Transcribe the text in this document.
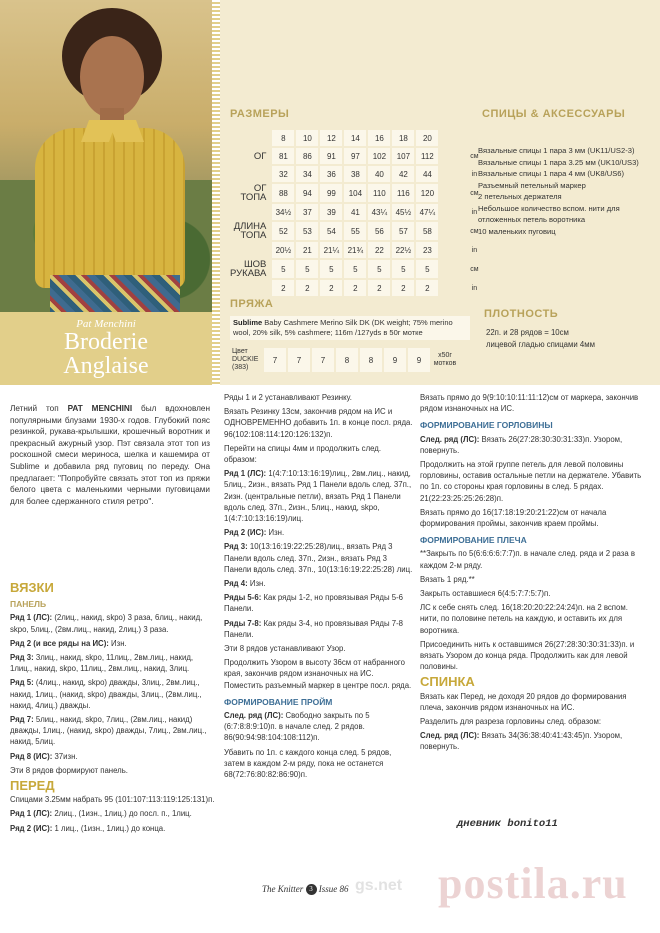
Pat Menchini
Broderie
Anglaise
РАЗМЕРЫ
	8	10	12	14	16	18	20		
ОГ	81	86	91	97	102	107	112		см
	32	34	36	38	40	42	44		in
ОГ ТОПА	88	94	99	104	110	116	120		см
	34½	37	39	41	43¼	45½	47¼		in
ДЛИНА ТОПА	52	53	54	55	56	57	58		см
	20½	21	21¼	21¾	22	22½	23		in
ШОВ РУКАВА	5	5	5	5	5	5	5		см
	2	2	2	2	2	2	2		in
СПИЦЫ & АКСЕССУАРЫ
Вязальные спицы 1 пара 3 мм (UK11/US2-3)
Вязальные спицы 1 пара 3.25 мм (UK10/US3)
Вязальные спицы 1 пара 4 мм (UK8/US6)
Разъемный петельный маркер
2 петельных держателя
Небольшое количество вспом. нити для
отложенных петель воротника
10 маленьких пуговиц
ПРЯЖА
Sublime Baby Cashmere Merino Silk DK (DK weight; 75% merino wool, 20% silk, 5% cashmere; 116m /127yds в 50г мотке
Цвет DUCKIE (383)	7	7	7	8	8	9	9	x50г мотков
ПЛОТНОСТЬ
22п. и 28 рядов = 10см
лицевой гладью спицами 4мм
Летний топ PAT MENCHINI был вдохновлен популярными блузами 1930-х годов. Глубокий пояс резинкой, рукава-крылышки, крошечный воротник и прекрасный ажурный узор. Пэт связала этот топ из роскошной смеси мериноса, шелка и кашемира от Sublime и добавила ряд пуговиц по переду. Она предлагает: "Попробуйте связать этот топ из пряжи белого цвета с маленькими черными пуговицами для более сдержанного стиля ретро".
ВЯЗКИ
ПАНЕЛЬ

Ряд 1 (ЛС): (2лиц., накид, skpo) 3 раза, 6лиц., накид, skpo, 5лиц., (2вм.лиц., накид, 2лиц.) 3 раза.

Ряд 2 (и все ряды на ИС): Изн.

Ряд 3: 3лиц., накид, skpo, 11лиц., 2вм.лиц., накид, 1лиц., накид, skpo, 11лиц., 2вм.лиц., накид, 3лиц.

Ряд 5: (4лиц., накид, skpo) дважды, 3лиц., 2вм.лиц., накид, 1лиц., (накид, skpo) дважды, 3лиц., (2вм.лиц., накид, 4лиц.) дважды.

Ряд 7: 5лиц., накид, skpo, 7лиц., (2вм.лиц., накид) дважды, 1лиц., (накид, skpo) дважды, 7лиц., 2вм.лиц., накид, 5лиц.

Ряд 8 (ИС): 37изн.

Эти 8 рядов формируют панель.

ПЕРЕД

Спицами 3.25мм набрать 95 (101:107:113:119:125:131)п.

Ряд 1 (ЛС): 2лиц., (1изн., 1лиц.) до посл. п., 1лиц.

Ряд 2 (ИС): 1 лиц., (1изн., 1лиц.) до конца.

Ряды 1 и 2 устанавливают Резинку.

Вязать Резинку 13см, закончив рядом на ИС и ОДНОВРЕМЕННО добавить 1п. в конце посл. ряда. 96(102:108:114:120:126:132)п.

Перейти на спицы 4мм и продолжить след. образом:

Ряд 1 (ЛС): 1(4:7:10:13:16:19)лиц., 2вм.лиц., накид, 5лиц., 2изн., вязать Ряд 1 Панели вдоль след. 37п., 2изн. (центральные петли), вязать Ряд 1 Панели вдоль след. 37п., 2изн., 5лиц., накид, skpo, 1(4:7:10:13:16:19)лиц.

Ряд 2 (ИС): Изн.

Ряд 3: 10(13:16:19:22:25:28)лиц., вязать Ряд 3 Панели вдоль след. 37п., 2изн., вязать Ряд 3 Панели вдоль след. 37п., 10(13:16:19:22:25:28) лиц.

Ряд 4: Изн.

Ряды 5-6: Как ряды 1-2, но провязывая Ряды 5-6 Панели.

Ряды 7-8: Как ряды 3-4, но провязывая Ряды 7-8 Панели.

Эти 8 рядов устанавливают Узор.

Продолжить Узором в высоту 36см от набранного края, закончив рядом изнаночных на ИС. Поместить разъемный маркер в центре посл. ряда.

ФОРМИРОВАНИЕ ПРОЙМ

След. ряд (ЛС): Свободно закрыть по 5 (6:7:8:8:9:10)п. в начале след. 2 рядов. 86(90:94:98:104:108:112)п.

Убавить по 1п. с каждого конца след. 5 рядов, затем в каждом 2-м ряду, пока не останется 68(72:76:80:82:86:90)п.

Вязать прямо до 9(9:10:10:11:11:12)см от маркера, закончив рядом изнаночных на ИС.

ФОРМИРОВАНИЕ ГОРЛОВИНЫ

След. ряд (ЛС): Вязать 26(27:28:30:30:31:33)п. Узором, повернуть.

Продолжить на этой группе петель для левой половины горловины, оставив остальные петли на держателе. Убавить по 1п. со стороны края горловины в след. 5 рядах. 21(22:23:25:25:26:28)п.

Вязать прямо до 16(17:18:19:20:21:22)см от начала формирования проймы, закончив краем проймы.

ФОРМИРОВАНИЕ ПЛЕЧА

**Закрыть по 5(6:6:6:6:7:7)п. в начале след. ряда и 2 раза в каждом 2-м ряду.

Вязать 1 ряд.**

Закрыть оставшиеся 6(4:5:7:7:5:7)п.

ЛС к себе снять след. 16(18:20:20:22:24:24)п. на 2 вспом. нити, по половине петель на каждую, и оставить их для воротника.

Присоединить нить к оставшимся 26(27:28:30:30:31:33)п. и вязать Узором до конца ряда. Продолжить как для левой половины.

СПИНКА

Вязать как Перед, не доходя 20 рядов до формирования плеча, закончив рядом изнаночных на ИС.

Разделить для разреза горловины след. образом:

След. ряд (ЛС): Вязать 34(36:38:40:41:43:45)п. Узором, повернуть.

дневник bonito11
gs.net
The Knitter 3 Issue 86 postila.ru
